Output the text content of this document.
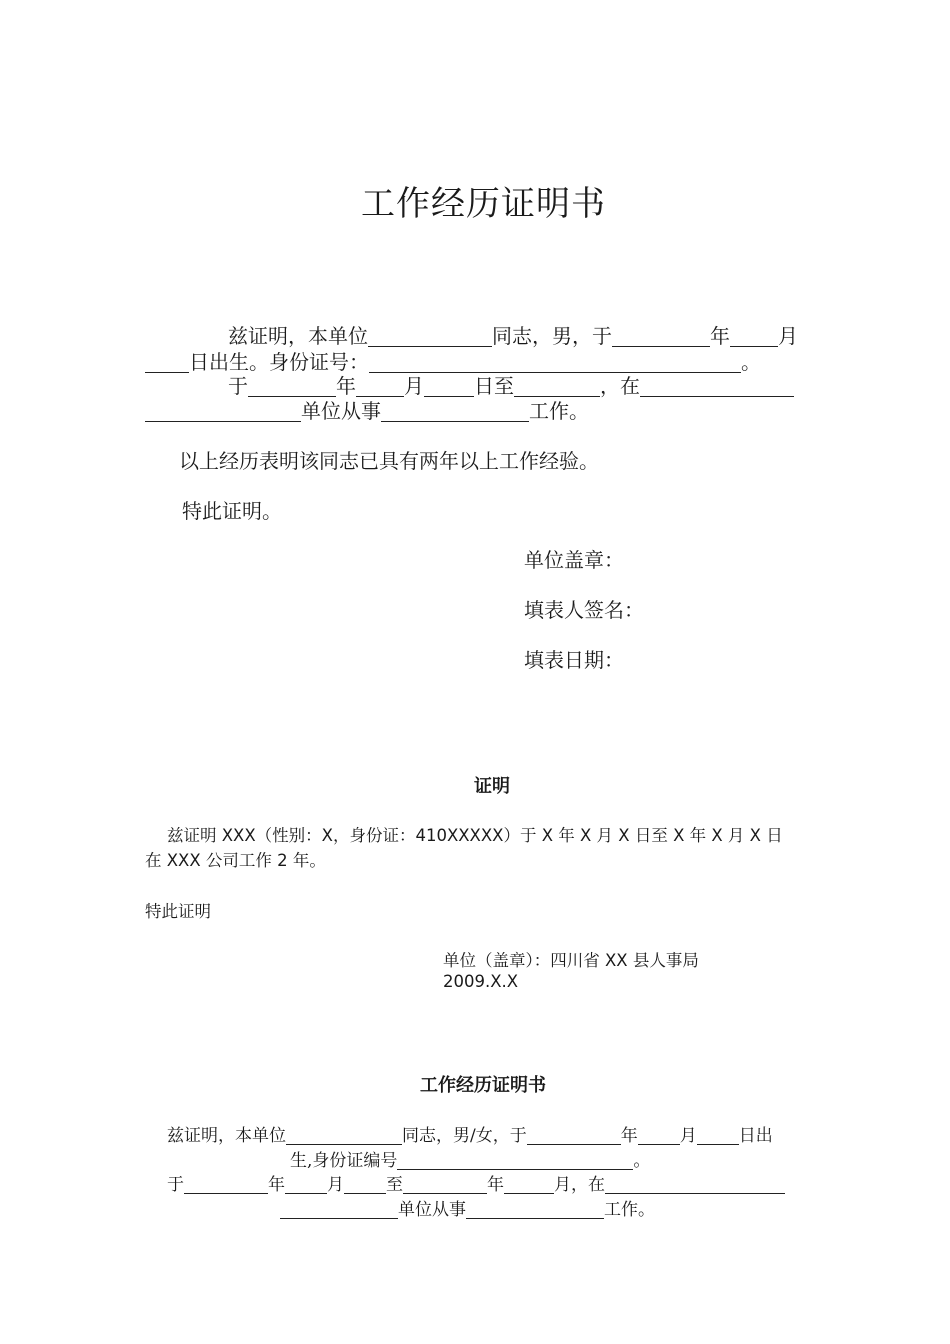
工作经历证明书
兹证明，本单位	同志，男，于	年 月
日出生。身份证号：	。
于	年 月	日至	，在
单位从事	工作。
以上经历表明该同志已具有两年以上工作经验。
特此证明。
单位盖章：
填表人签名：
填表日期：
证明
兹证明 XXX（性别：X，身份证：410XXXXX）于 X 年 X 月 X 日至 X 年 X 月 X 日
在 XXX 公司工作 2 年。
特此证明
单位（盖章）：四川省 XX 县人事局
2009.X.X
工作经历证明书
兹证明，本单位	同志，男/女，于	年 月 日出
生,身份证编号	。
于	年 月 至	年	月，在
单位从事	工作。
